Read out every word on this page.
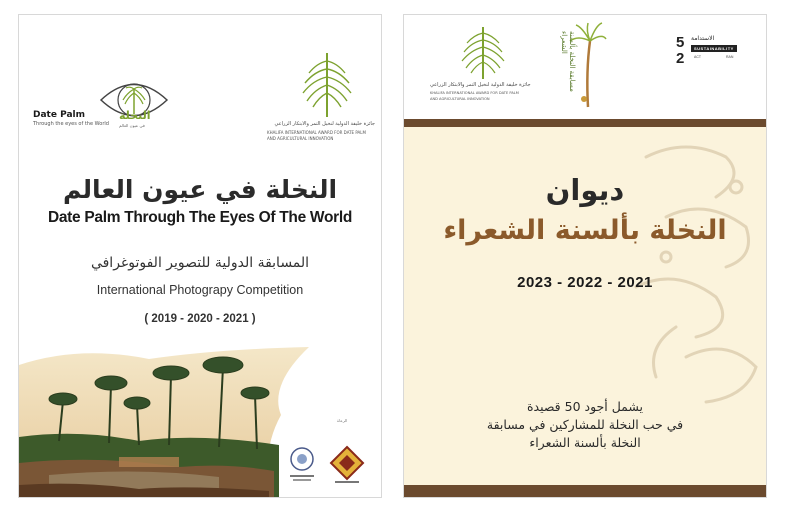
Date Palm
Through the eyes of the World
النخلة
في عيون العالم	جائزة خليفة الدولية لنخيل التمر والابتكار الزراعي
KHALIFA INTERNATIONAL AWARD FOR DATE PALM
AND AGRICULTURAL INNOVATION
النخلة في عيون العالم
Date Palm Through The Eyes Of The World
المسابقة الدولية للتصوير الفوتوغرافي
International Photograpy Competition
( 2019 - 2020 - 2021 )
الرعاة
جائزة خليفة الدولية لنخيل التمر والابتكار الزراعي
KHALIFA INTERNATIONAL AWARD FOR DATE PALM
AND AGRICULTURAL INNOVATION
مسابقة النخلة بألسنة الشعراء	5
2
الاستدامة
SUSTAINABILITY
ACT	RAN
ديوان
النخلة بألسنة الشعراء
2023 - 2022 - 2021
يشمل أجود 50 قصيدة
في حب النخلة للمشاركين في مسابقة
النخلة بألسنة الشعراء
